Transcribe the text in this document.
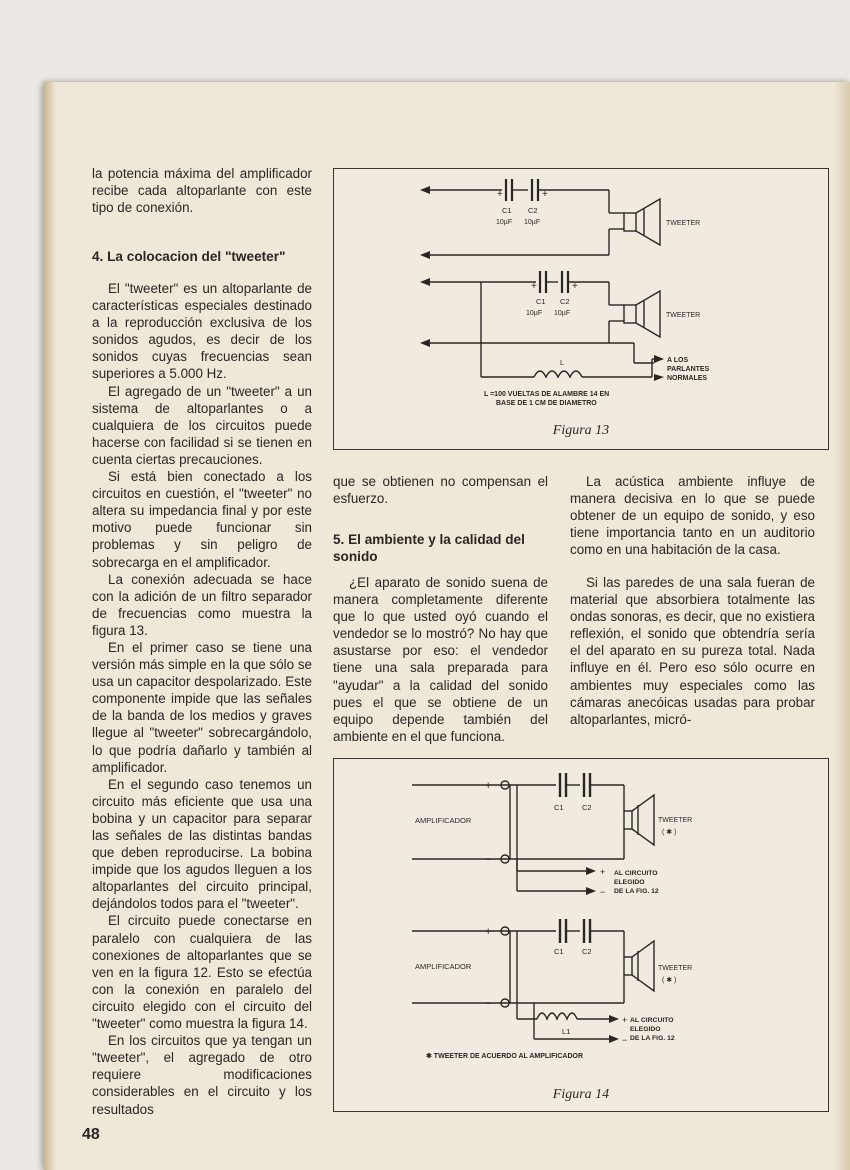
la potencia máxima del amplificador recibe cada altoparlante con este tipo de conexión.
4. La colocacion del "tweeter"
El "tweeter" es un altoparlante de características especiales destinado a la reproducción exclusiva de los sonidos agudos, es decir de los sonidos cuyas frecuencias sean superiores a 5.000 Hz.
El agregado de un "tweeter" a un sistema de altoparlantes o a cualquiera de los circuitos puede hacerse con facilidad si se tienen en cuenta ciertas precauciones.
Si está bien conectado a los circuitos en cuestión, el "tweeter" no altera su impedancia final y por este motivo puede funcionar sin problemas y sin peligro de sobrecarga en el amplificador.
La conexión adecuada se hace con la adición de un filtro separador de frecuencias como muestra la figura 13.
En el primer caso se tiene una versión más simple en la que sólo se usa un capacitor despolarizado. Este componente impide que las señales de la banda de los medios y graves llegue al "tweeter" sobrecargándolo, lo que podría dañarlo y también al amplificador.
En el segundo caso tenemos un circuito más eficiente que usa una bobina y un capacitor para separar las señales de las distintas bandas que deben reproducirse. La bobina impide que los agudos lleguen a los altoparlantes del circuito principal, dejándolos todos para el "tweeter".
El circuito puede conectarse en paralelo con cualquiera de las conexiones de altoparlantes que se ven en la figura 12. Esto se efectúa con la conexión en paralelo del circuito elegido con el circuito del "tweeter" como muestra la figura 14.
En los circuitos que ya tengan un "tweeter", el agregado de otro requiere modificaciones considerables en el circuito y los resultados
+	+
C1 C2
10µF 10µF	TWEETER
+	+
C1 C2
10µF 10µF	TWEETER
L	A LOS
PARLANTES
NORMALES
L =100 VUELTAS DE ALAMBRE 14 EN
BASE DE 1 CM DE DIAMETRO
Figura 13
que se obtienen no compensan el esfuerzo.
5. El ambiente y la calidad del sonido
¿El aparato de sonido suena de manera completamente diferente que lo que usted oyó cuando el vendedor se lo mostró? No hay que asustarse por eso: el vendedor tiene una sala preparada para "ayudar" a la calidad del sonido pues el que se obtiene de un equipo depende también del ambiente en el que funciona.
La acústica ambiente influye de manera decisiva en lo que se puede obtener de un equipo de sonido, y eso tiene importancia tanto en un auditorio como en una habitación de la casa.
Si las paredes de una sala fueran de material que absorbiera totalmente las ondas sonoras, es decir, que no existiera reflexión, el sonido que obtendría sería el del aparato en su pureza total. Nada influye en él. Pero eso sólo ocurre en ambientes muy especiales como las cámaras anecóicas usadas para probar altoparlantes, micró-
AMPLIFICADOR
+
−
C1 C2
TWEETER
( ✱ )
+
−
AL CIRCUITO
ELEGIDO
DE LA FIG. 12
AMPLIFICADOR
+
−
C1 C2
TWEETER
( ✱ )
L1
+
−
AL CIRCUITO
ELEGIDO
DE LA FIG. 12
✱ TWEETER DE ACUERDO AL AMPLIFICADOR
Figura 14
48
